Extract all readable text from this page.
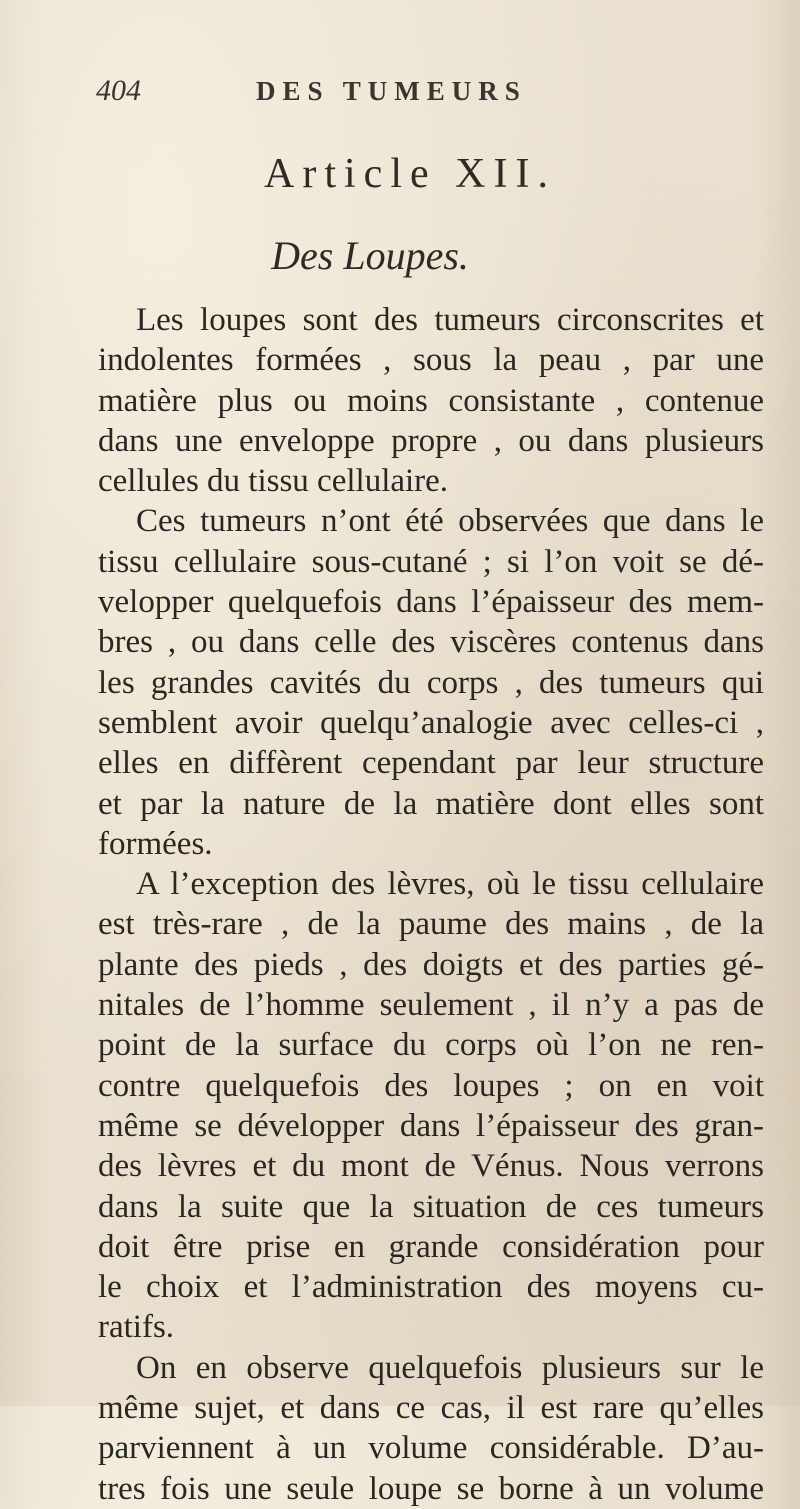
404	DES TUMEURS
Article XII.
Des Loupes.
Les loupes sont des tumeurs circonscrites et
indolentes formées , sous la peau , par une
matière plus ou moins consistante , contenue
dans une enveloppe propre , ou dans plusieurs
cellules du tissu cellulaire.
Ces tumeurs n’ont été observées que dans le
tissu cellulaire sous-cutané ; si l’on voit se dé-
velopper quelquefois dans l’épaisseur des mem-
bres , ou dans celle des viscères contenus dans
les grandes cavités du corps , des tumeurs qui
semblent avoir quelqu’analogie avec celles-ci ,
elles en diffèrent cependant par leur structure
et par la nature de la matière dont elles sont
formées.
A l’exception des lèvres, où le tissu cellulaire
est très-rare , de la paume des mains , de la
plante des pieds , des doigts et des parties gé-
nitales de l’homme seulement , il n’y a pas de
point de la surface du corps où l’on ne ren-
contre quelquefois des loupes ; on en voit
même se développer dans l’épaisseur des gran-
des lèvres et du mont de Vénus. Nous verrons
dans la suite que la situation de ces tumeurs
doit être prise en grande considération pour
le choix et l’administration des moyens cu-
ratifs.
On en observe quelquefois plusieurs sur le
même sujet, et dans ce cas, il est rare qu’elles
parviennent à un volume considérable. D’au-
tres fois une seule loupe se borne à un volume
